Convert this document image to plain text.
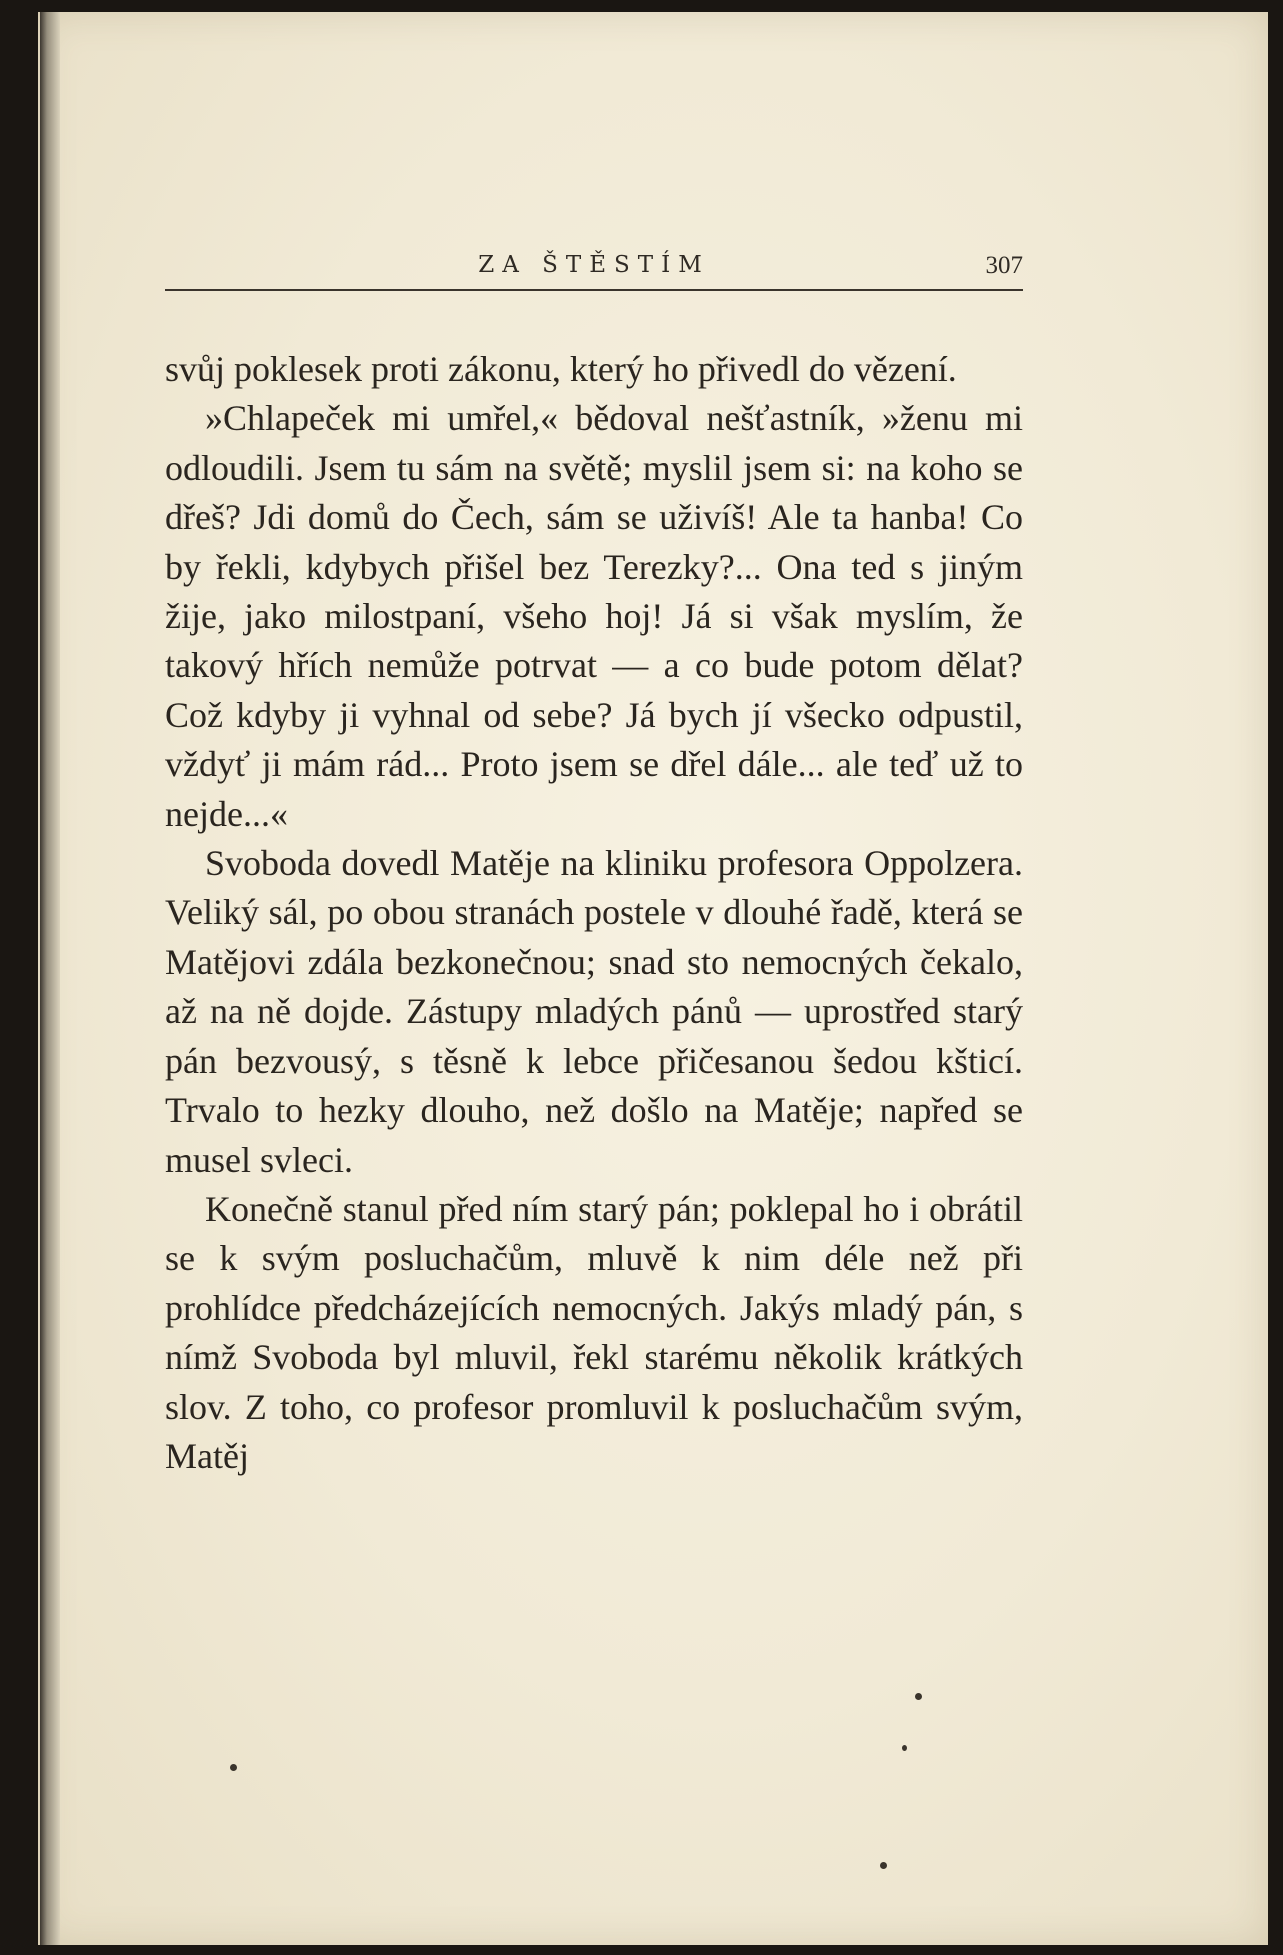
ZA ŠTĚSTÍM	307

svůj poklesek proti zákonu, který ho přivedl do vězení.

»Chlapeček mi umřel,« bědoval nešťastník, »ženu mi odloudili. Jsem tu sám na světě; myslil jsem si: na koho se dřeš? Jdi domů do Čech, sám se uživíš! Ale ta hanba! Co by řekli, kdybych přišel bez Terezky?... Ona ted s jiným žije, jako milostpaní, všeho hoj! Já si však myslím, že takový hřích nemůže potrvat — a co bude potom dělat? Což kdyby ji vyhnal od sebe? Já bych jí všecko odpustil, vždyť ji mám rád... Proto jsem se dřel dále... ale teď už to nejde...«

Svoboda dovedl Matěje na kliniku profesora Oppolzera. Veliký sál, po obou stranách postele v dlouhé řadě, která se Matějovi zdála bezkonečnou; snad sto nemocných čekalo, až na ně dojde. Zástupy mladých pánů — uprostřed starý pán bezvousý, s těsně k lebce přičesanou šedou kšticí. Trvalo to hezky dlouho, než došlo na Matěje; napřed se musel svleci.

Konečně stanul před ním starý pán; poklepal ho i obrátil se k svým posluchačům, mluvě k nim déle než při prohlídce předcházejících nemocných. Jakýs mladý pán, s nímž Svoboda byl mluvil, řekl starému několik krátkých slov. Z toho, co profesor promluvil k posluchačům svým, Matěj
